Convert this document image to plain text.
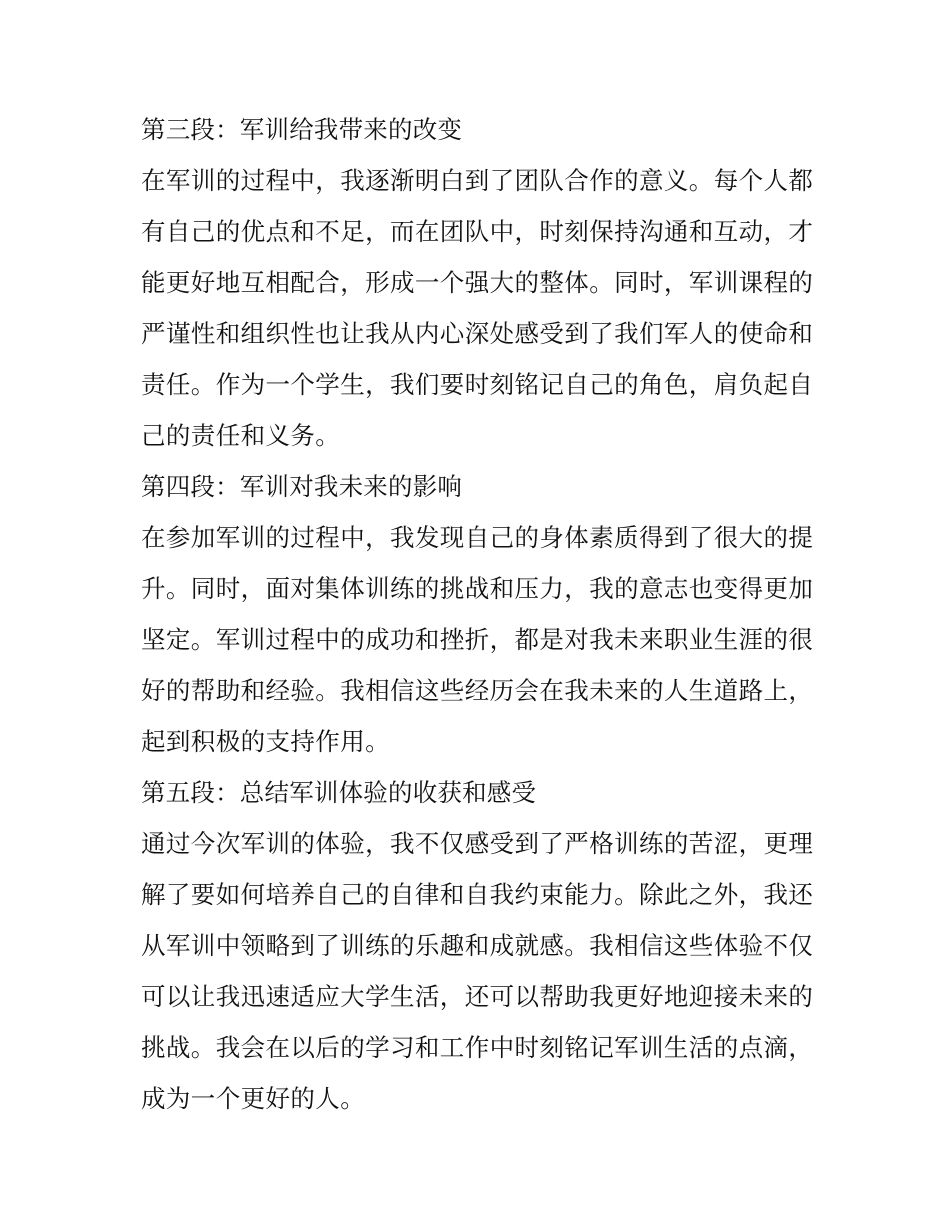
第三段：军训给我带来的改变
在军训的过程中，我逐渐明白到了团队合作的意义。每个人都
有自己的优点和不足，而在团队中，时刻保持沟通和互动，才
能更好地互相配合，形成一个强大的整体。同时，军训课程的
严谨性和组织性也让我从内心深处感受到了我们军人的使命和
责任。作为一个学生，我们要时刻铭记自己的角色，肩负起自
己的责任和义务。
第四段：军训对我未来的影响
在参加军训的过程中，我发现自己的身体素质得到了很大的提
升。同时，面对集体训练的挑战和压力，我的意志也变得更加
坚定。军训过程中的成功和挫折，都是对我未来职业生涯的很
好的帮助和经验。我相信这些经历会在我未来的人生道路上，
起到积极的支持作用。
第五段：总结军训体验的收获和感受
通过今次军训的体验，我不仅感受到了严格训练的苦涩，更理
解了要如何培养自己的自律和自我约束能力。除此之外，我还
从军训中领略到了训练的乐趣和成就感。我相信这些体验不仅
可以让我迅速适应大学生活，还可以帮助我更好地迎接未来的
挑战。我会在以后的学习和工作中时刻铭记军训生活的点滴，
成为一个更好的人。
